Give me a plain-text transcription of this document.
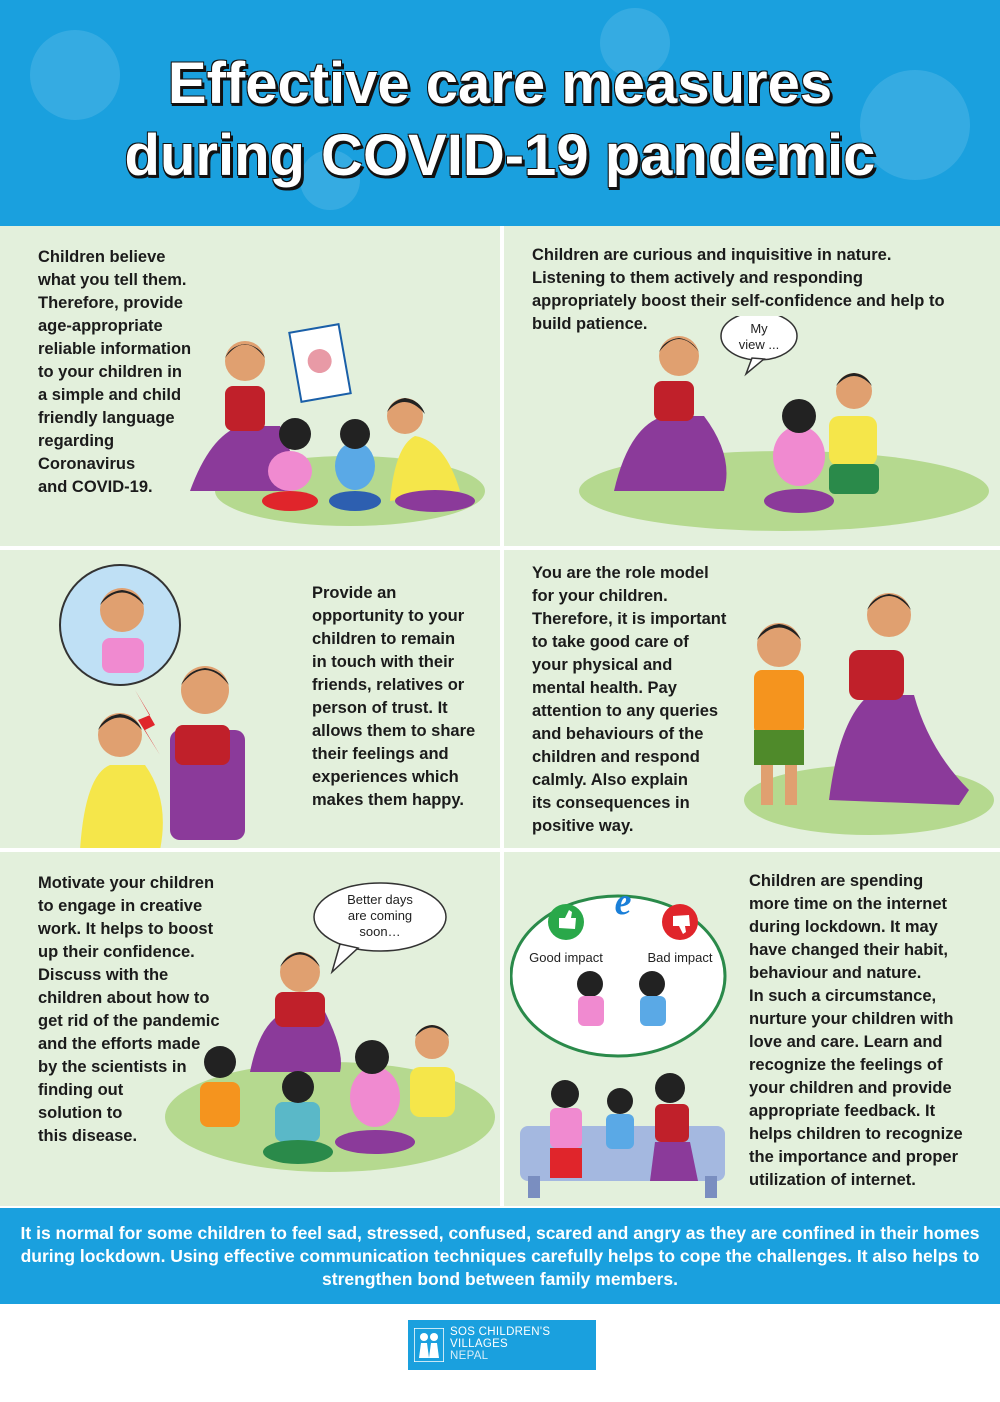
Effective care measures
during COVID-19 pandemic

Children believe
what you tell them.
Therefore, provide
age-appropriate
reliable information
to your children in
a simple and child
friendly language
regarding
Coronavirus
and COVID-19.

Children are curious and inquisitive in nature.
Listening to them actively and responding
appropriately boost their self-confidence and help to
build patience.	My
view ...

Provide an
opportunity to your
children to remain
in touch with their
friends, relatives or
person of trust. It
allows them to share
their feelings and
experiences which
makes them happy.

You are the role model
for your children.
Therefore, it is important
to take good care of
your physical and
mental health. Pay
attention to any queries
and behaviours of the
children and respond
calmly. Also explain
its consequences in
positive way.

Motivate your children
to engage in creative
work. It helps to boost
up their confidence.
Discuss with the
children about how to
get rid of the pandemic
and the efforts made
by the scientists in
finding out
solution to
this disease.

Better days
are coming
soon…

Children are spending
more time on the internet
during lockdown. It may
have changed their habit,
behaviour and nature.
In such a circumstance,
nurture your children with
love and care. Learn and
recognize the feelings of
your children and provide
appropriate feedback. It
helps children to recognize
the importance and proper
utilization of internet.

e
Good impact	Bad impact

It is normal for some children to feel sad, stressed, confused, scared and angry as they are confined in their homes during lockdown. Using effective communication techniques carefully helps to cope the challenges. It also helps to strengthen bond between family members.

SOS CHILDREN'S
VILLAGES
NEPAL
